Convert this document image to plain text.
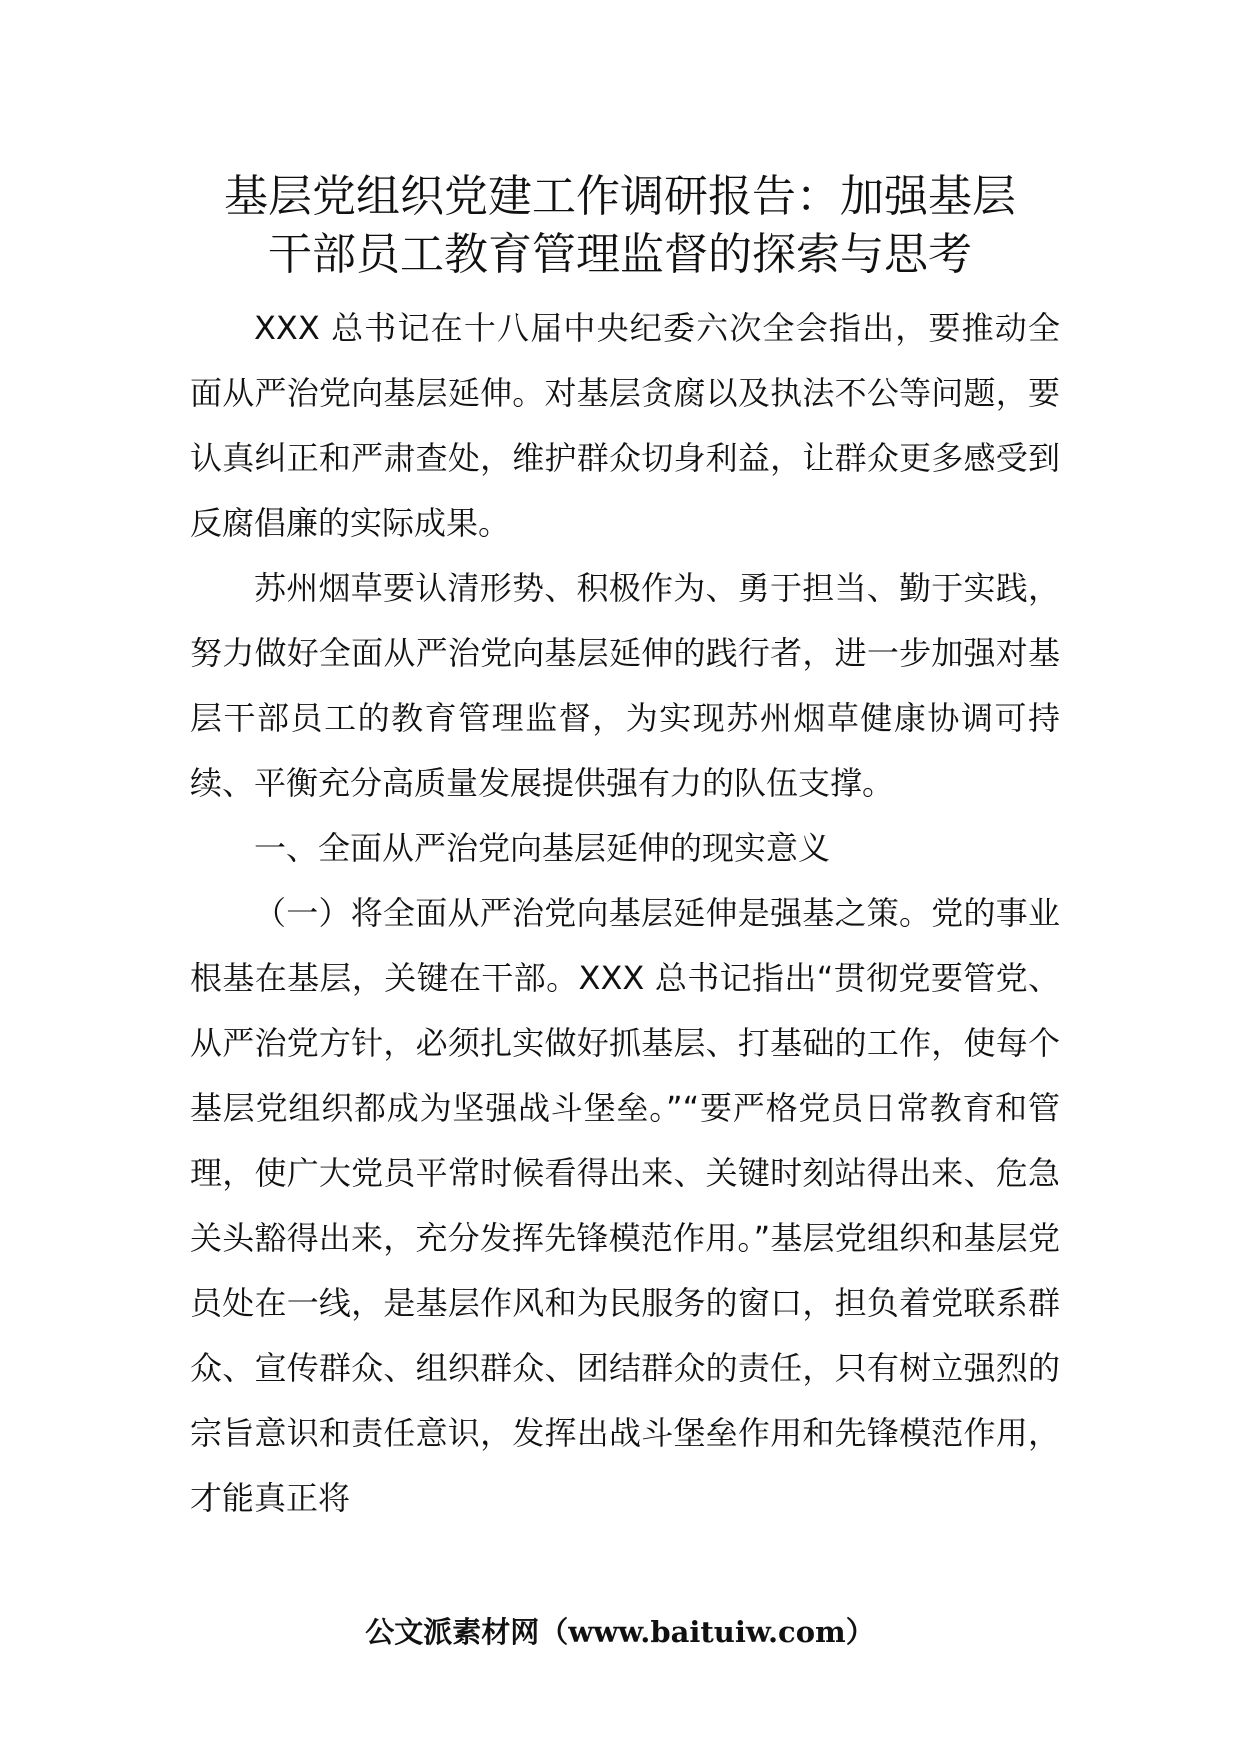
基层党组织党建工作调研报告：加强基层
干部员工教育管理监督的探索与思考

XXX 总书记在十八届中央纪委六次全会指出，要推动全面从严治党向基层延伸。对基层贪腐以及执法不公等问题，要认真纠正和严肃查处，维护群众切身利益，让群众更多感受到反腐倡廉的实际成果。

苏州烟草要认清形势、积极作为、勇于担当、勤于实践，努力做好全面从严治党向基层延伸的践行者，进一步加强对基层干部员工的教育管理监督，为实现苏州烟草健康协调可持续、平衡充分高质量发展提供强有力的队伍支撑。

一、全面从严治党向基层延伸的现实意义

（一）将全面从严治党向基层延伸是强基之策。党的事业根基在基层，关键在干部。XXX 总书记指出“贯彻党要管党、从严治党方针，必须扎实做好抓基层、打基础的工作，使每个基层党组织都成为坚强战斗堡垒。”“要严格党员日常教育和管理，使广大党员平常时候看得出来、关键时刻站得出来、危急关头豁得出来，充分发挥先锋模范作用。”基层党组织和基层党员处在一线，是基层作风和为民服务的窗口，担负着党联系群众、宣传群众、组织群众、团结群众的责任，只有树立强烈的宗旨意识和责任意识，发挥出战斗堡垒作用和先锋模范作用，才能真正将

公文派素材网（www.baituiw.com）
